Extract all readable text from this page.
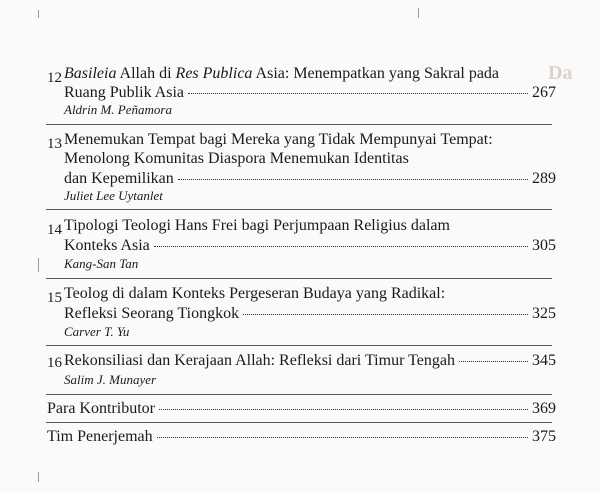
Da
12 Basileia Allah di Res Publica Asia: Menempatkan yang Sakral pada
Ruang Publik Asia	267
Aldrin M. Peñamora
13 Menemukan Tempat bagi Mereka yang Tidak Mempunyai Tempat:
Menolong Komunitas Diaspora Menemukan Identitas
dan Kepemilikan	289
Juliet Lee Uytanlet
14 Tipologi Teologi Hans Frei bagi Perjumpaan Religius dalam
Konteks Asia	305
Kang-San Tan
15 Teolog di dalam Konteks Pergeseran Budaya yang Radikal:
Refleksi Seorang Tiongkok	325
Carver T. Yu
16 Rekonsiliasi dan Kerajaan Allah: Refleksi dari Timur Tengah	345
Salim J. Munayer
Para Kontributor	369
Tim Penerjemah	375
